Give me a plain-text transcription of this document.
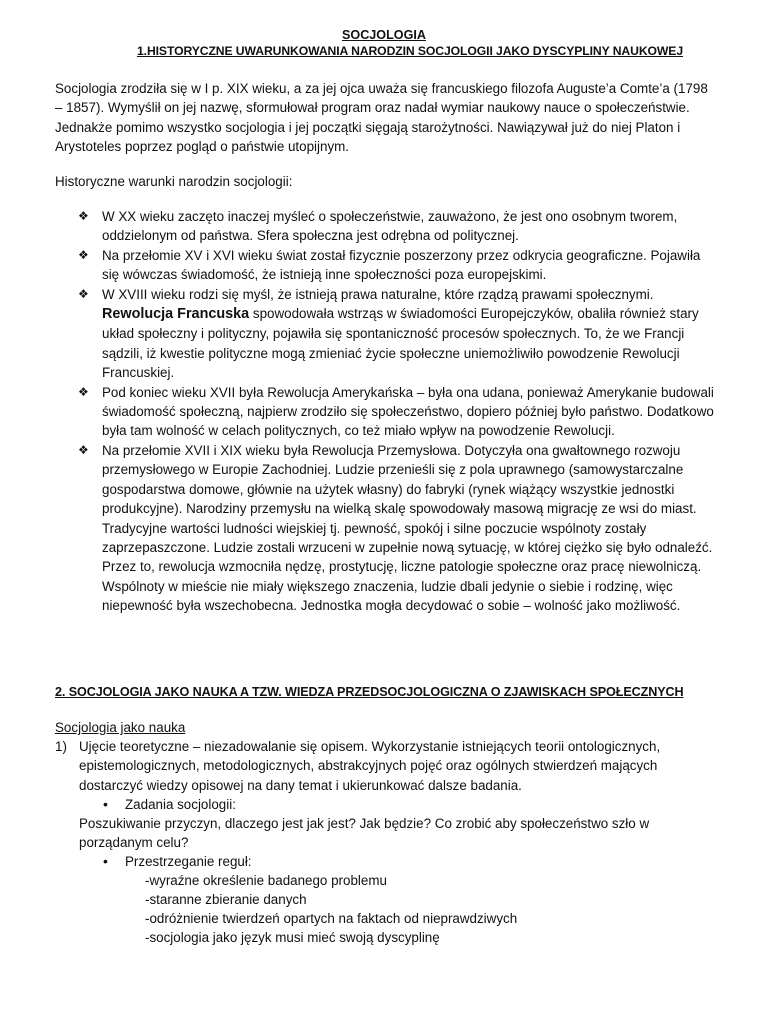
SOCJOLOGIA
1.HISTORYCZNE UWARUNKOWANIA NARODZIN SOCJOLOGII JAKO DYSCYPLINY NAUKOWEJ
Socjologia zrodziła się w I p. XIX wieku, a za jej ojca uważa się francuskiego filozofa Auguste’a Comte’a (1798 – 1857). Wymyślił on jej nazwę, sformułował program oraz nadał wymiar naukowy nauce o społeczeństwie. Jednakże pomimo wszystko socjologia i jej początki sięgają starożytności. Nawiązywał już do niej Platon i Arystoteles poprzez pogląd o państwie utopijnym.
Historyczne warunki narodzin socjologii:
❖ W XX wieku zaczęto inaczej myśleć o społeczeństwie, zauważono, że jest ono osobnym tworem, oddzielonym od państwa. Sfera społeczna jest odrębna od politycznej.
❖ Na przełomie XV i XVI wieku świat został fizycznie poszerzony przez odkrycia geograficzne. Pojawiła się wówczas świadomość, że istnieją inne społeczności poza europejskimi.
❖ W XVIII wieku rodzi się myśl, że istnieją prawa naturalne, które rządzą prawami społecznymi.
Rewolucja Francuska spowodowała wstrząs w świadomości Europejczyków, obaliła również stary układ społeczny i polityczny, pojawiła się spontaniczność procesów społecznych. To, że we Francji sądzili, iż kwestie polityczne mogą zmieniać życie społeczne uniemożliwiło powodzenie Rewolucji Francuskiej.
❖ Pod koniec wieku XVII była Rewolucja Amerykańska – była ona udana, ponieważ Amerykanie budowali świadomość społeczną, najpierw zrodziło się społeczeństwo, dopiero później było państwo. Dodatkowo była tam wolność w celach politycznych, co też miało wpływ na powodzenie Rewolucji.
❖ Na przełomie XVII i XIX wieku była Rewolucja Przemysłowa. Dotyczyła ona gwałtownego rozwoju przemysłowego w Europie Zachodniej. Ludzie przenieśli się z pola uprawnego (samowystarczalne gospodarstwa domowe, głównie na użytek własny) do fabryki (rynek wiążący wszystkie jednostki produkcyjne). Narodziny przemysłu na wielką skalę spowodowały masową migrację ze wsi do miast. Tradycyjne wartości ludności wiejskiej tj. pewność, spokój i silne poczucie wspólnoty zostały zaprzepaszczone. Ludzie zostali wrzuceni w zupełnie nową sytuację, w której ciężko się było odnaleźć. Przez to, rewolucja wzmocniła nędzę, prostytucję, liczne patologie społeczne oraz pracę niewolniczą. Wspólnoty w mieście nie miały większego znaczenia, ludzie dbali jedynie o siebie i rodzinę, więc niepewność była wszechobecna. Jednostka mogła decydować o sobie – wolność jako możliwość.
2. SOCJOLOGIA JAKO NAUKA A TZW. WIEDZA PRZEDSOCJOLOGICZNA O ZJAWISKACH SPOŁECZNYCH
Socjologia jako nauka
1) Ujęcie teoretyczne – niezadowalanie się opisem. Wykorzystanie istniejących teorii ontologicznych, epistemologicznych, metodologicznych, abstrakcyjnych pojęć oraz ogólnych stwierdzeń mających dostarczyć wiedzy opisowej na dany temat i ukierunkować dalsze badania.
• Zadania socjologii:
Poszukiwanie przyczyn, dlaczego jest jak jest? Jak będzie? Co zrobić aby społeczeństwo szło w porządanym celu?
• Przestrzeganie reguł:
-wyraźne określenie badanego problemu
-staranne zbieranie danych
-odróżnienie twierdzeń opartych na faktach od nieprawdziwych
-socjologia jako język musi mieć swoją dyscyplinę
